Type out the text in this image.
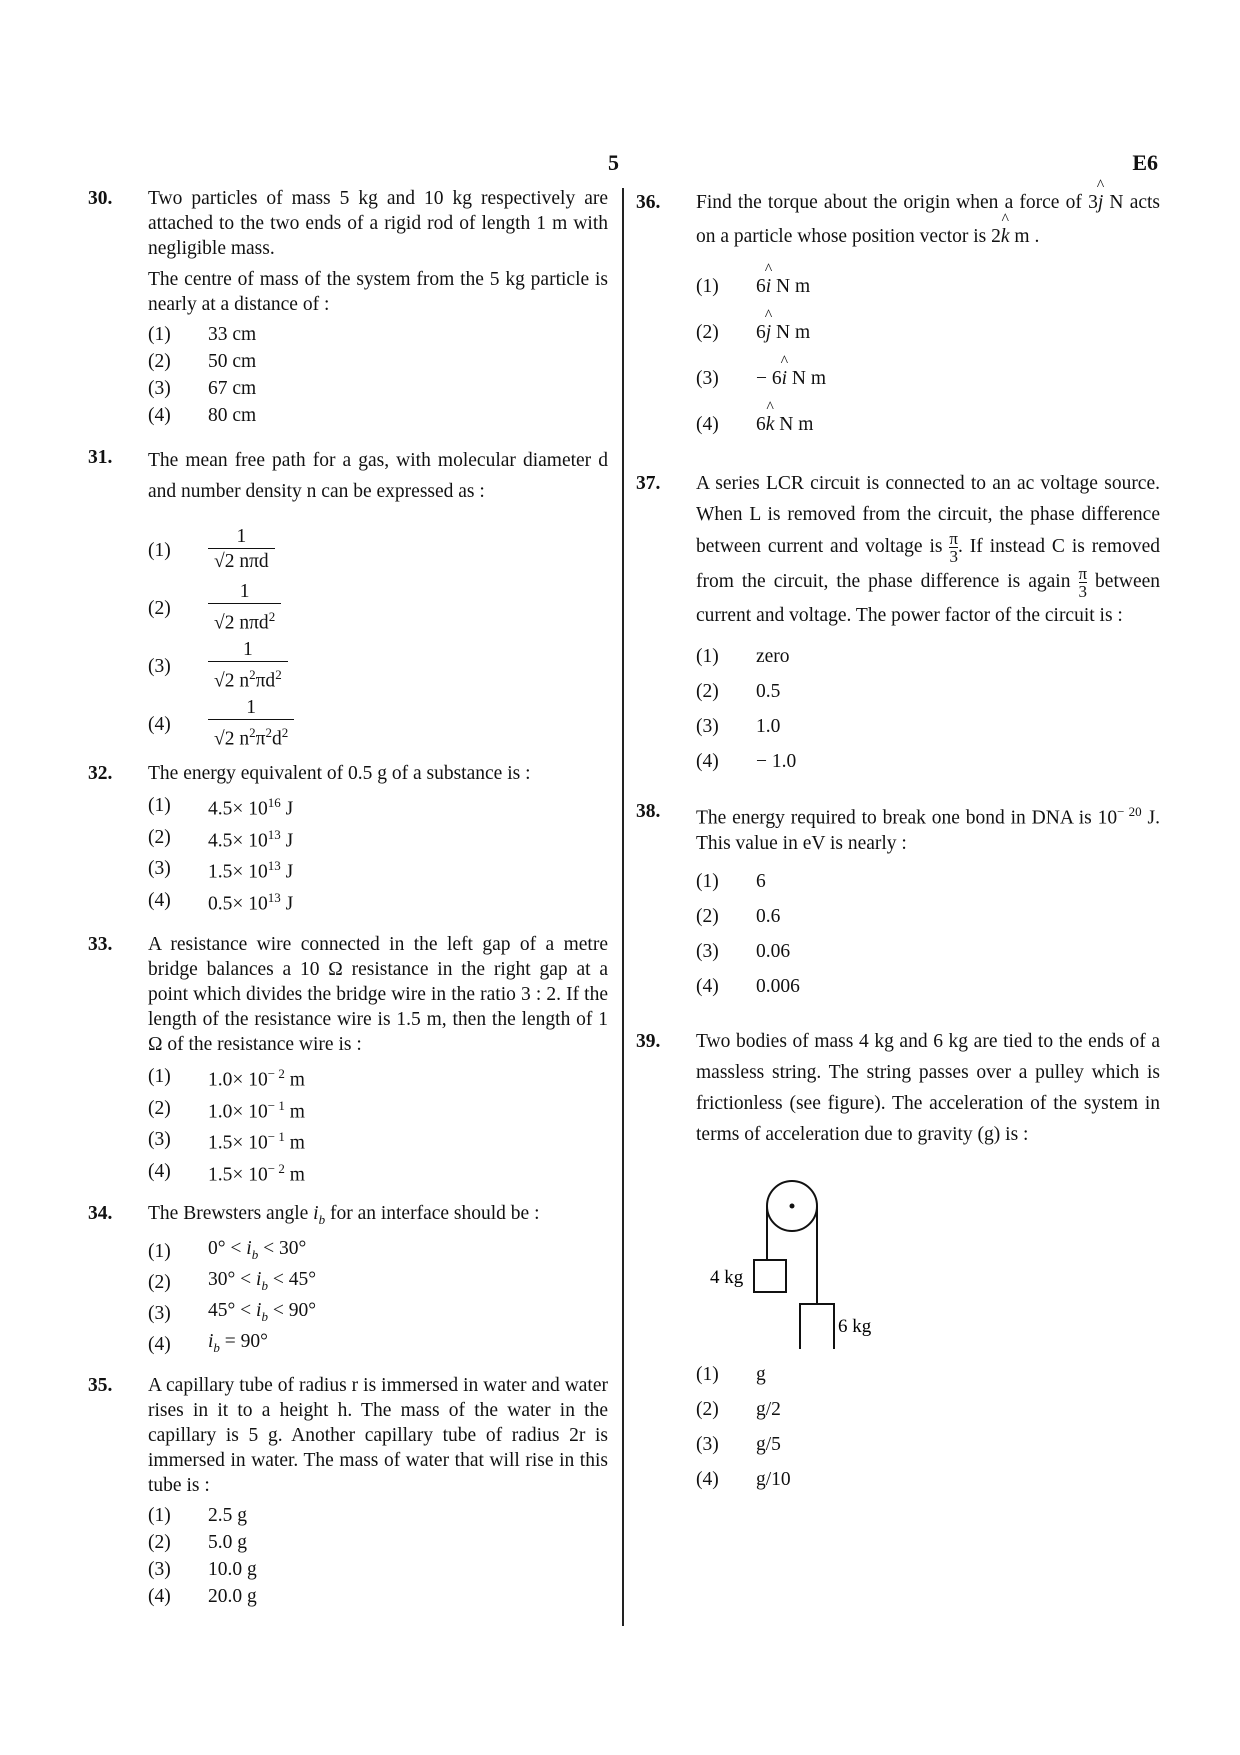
5	E6
30. Two particles of mass 5 kg and 10 kg respectively are attached to the two ends of a rigid rod of length 1 m with negligible mass.

The centre of mass of the system from the 5 kg particle is nearly at a distance of :

(1)	33 cm
(2)	50 cm
(3)	67 cm
(4)	80 cm
31. The mean free path for a gas, with molecular diameter d and number density n can be expressed as :

(1)	$\frac{1}{\text{√2 nπd}}$
(2)	$\frac{1}{√2 n\pi d^2}$
(3)	$\frac{1}{√2 n^2\pi d^2}$
(4)	$\frac{1}{√2 n^2\pi^2d^2}$
32. The energy equivalent of 0.5 g of a substance is :

(1)	$4.5\times 10^{16}$ J
(2)	$4.5\times 10^{13}$ J
(3)	$1.5\times 10^{13}$ J
(4)	$0.5\times 10^{13}$ J
33. A resistance wire connected in the left gap of a metre bridge balances a 10 Ω resistance in the right gap at a point which divides the bridge wire in the ratio 3 : 2. If the length of the resistance wire is 1.5 m, then the length of 1 Ω of the resistance wire is :

(1)	$1.0\times 10^{- 2}$ m
(2)	$1.0\times 10^{- 1}$ m
(3)	$1.5\times 10^{- 1}$ m
(4)	$1.5\times 10^{- 2}$ m
34. The Brewsters angle $i_b$ for an interface should be :

(1)	$0^\circ < i_b < 30^\circ$
(2)	$30^\circ < i_b < 45^\circ$
(3)	$45^\circ < i_b < 90^\circ$
(4)	$i_b = 90^\circ$
35. A capillary tube of radius r is immersed in water and water rises in it to a height h. The mass of the water in the capillary is 5 g. Another capillary tube of radius 2r is immersed in water. The mass of water that will rise in this tube is :

(1)	2.5 g
(2)	5.0 g
(3)	10.0 g
(4)	20.0 g
36. Find the torque about the origin when a force of 3^ j N acts on a particle whose position vector is 2^ k m .

(1)	6^ i N m
(2)	6^ j N m
(3)	− 6^ i N m
(4)	6^ k N m
37. A series LCR circuit is connected to an ac voltage source. When L is removed from the circuit, the phase difference between current and voltage is $\frac{\pi}{3}$ . If instead C is removed from the circuit, the phase difference is again $\frac{\pi}{3}$ between current and voltage. The power factor of the circuit is :

(1)	zero
(2)	0.5
(3)	1.0
(4)	− 1.0
38. The energy required to break one bond in DNA is $10^{- 20}$ J. This value in eV is nearly :

(1)	6
(2)	0.6
(3)	0.06
(4)	0.006
39. Two bodies of mass 4 kg and 6 kg are tied to the ends of a massless string. The string passes over a pulley which is frictionless (see figure). The acceleration of the system in terms of acceleration due to gravity (g) is :

4 kg
6 kg
(1)	g
(2)	g/2
(3)	g/5
(4)	g/10
